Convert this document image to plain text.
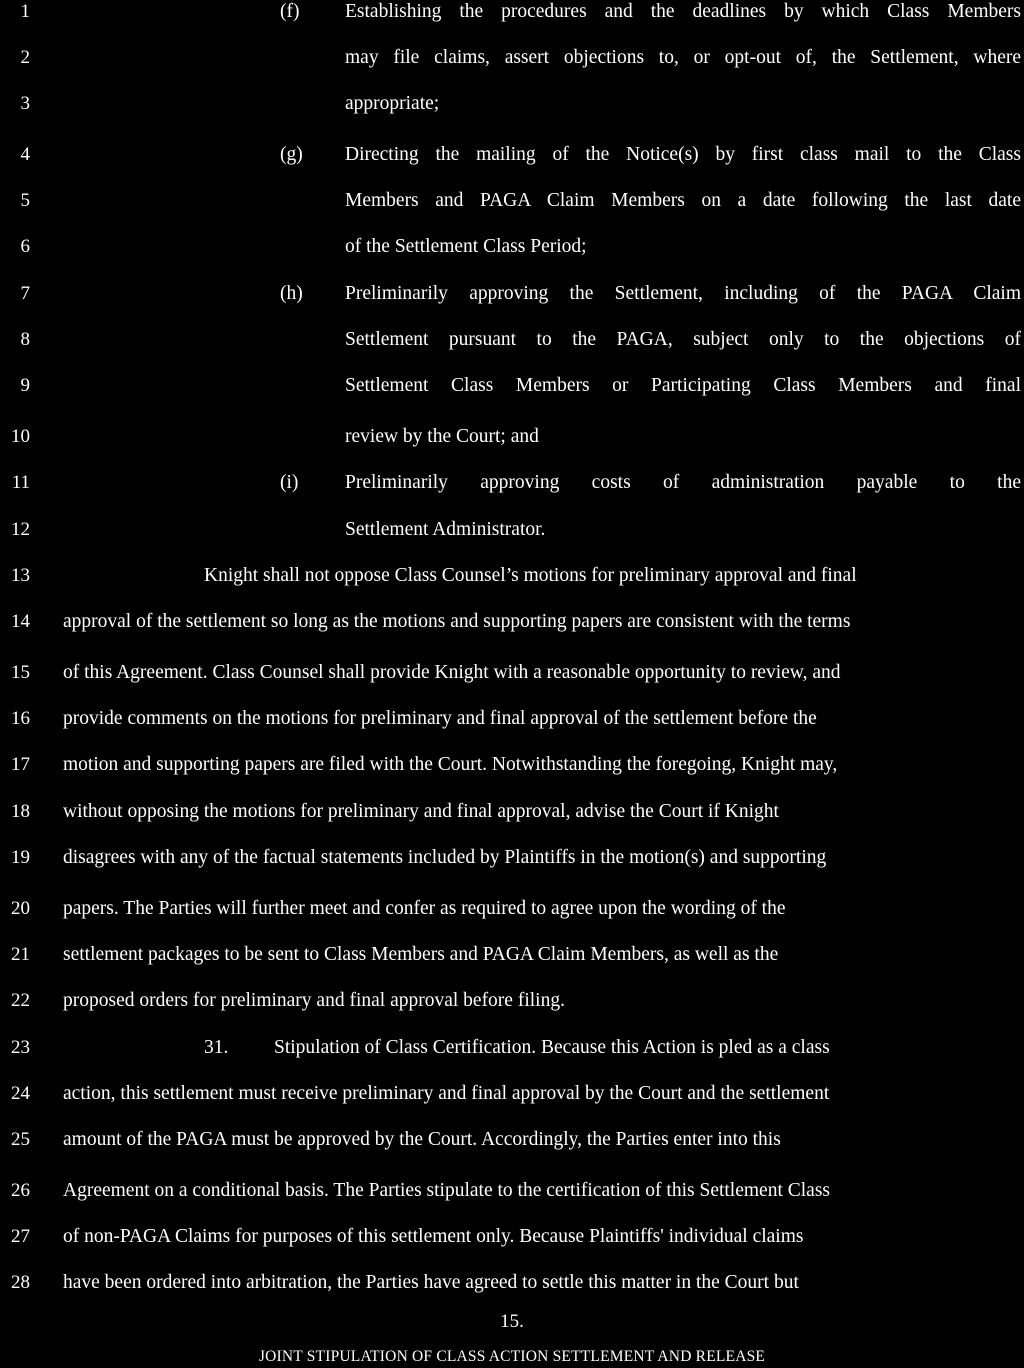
1
2
3
4
5
6
7
8
9
10
11
12
13
14
15
16
17
18
19
20
21
22
23
24
25
26
27
28
(f)
(g)
(h)
(i)
Establishing the procedures and the deadlines by which Class Members
may file claims, assert objections to, or opt-out of, the Settlement, where
appropriate;
Directing the mailing of the Notice(s) by first class mail to the Class
Members and PAGA Claim Members on a date following the last date
of the Settlement Class Period;
Preliminarily approving the Settlement, including of the PAGA Claim
Settlement pursuant to the PAGA, subject only to the objections of
Settlement Class Members or Participating Class Members and final
review by the Court; and
Preliminarily approving costs of administration payable to the
Settlement Administrator.
Knight shall not oppose Class Counsel’s motions for preliminary approval and final
approval of the settlement so long as the motions and supporting papers are consistent with the terms
of this Agreement. Class Counsel shall provide Knight with a reasonable opportunity to review, and
provide comments on the motions for preliminary and final approval of the settlement before the
motion and supporting papers are filed with the Court. Notwithstanding the foregoing, Knight may,
without opposing the motions for preliminary and final approval, advise the Court if Knight
disagrees with any of the factual statements included by Plaintiffs in the motion(s) and supporting
papers. The Parties will further meet and confer as required to agree upon the wording of the
settlement packages to be sent to Class Members and PAGA Claim Members, as well as the
proposed orders for preliminary and final approval before filing.
31. Stipulation of Class Certification. Because this Action is pled as a class
action, this settlement must receive preliminary and final approval by the Court and the settlement
amount of the PAGA must be approved by the Court. Accordingly, the Parties enter into this
Agreement on a conditional basis. The Parties stipulate to the certification of this Settlement Class
of non-PAGA Claims for purposes of this settlement only. Because Plaintiffs' individual claims
have been ordered into arbitration, the Parties have agreed to settle this matter in the Court but
15.
JOINT STIPULATION OF CLASS ACTION SETTLEMENT AND RELEASE
